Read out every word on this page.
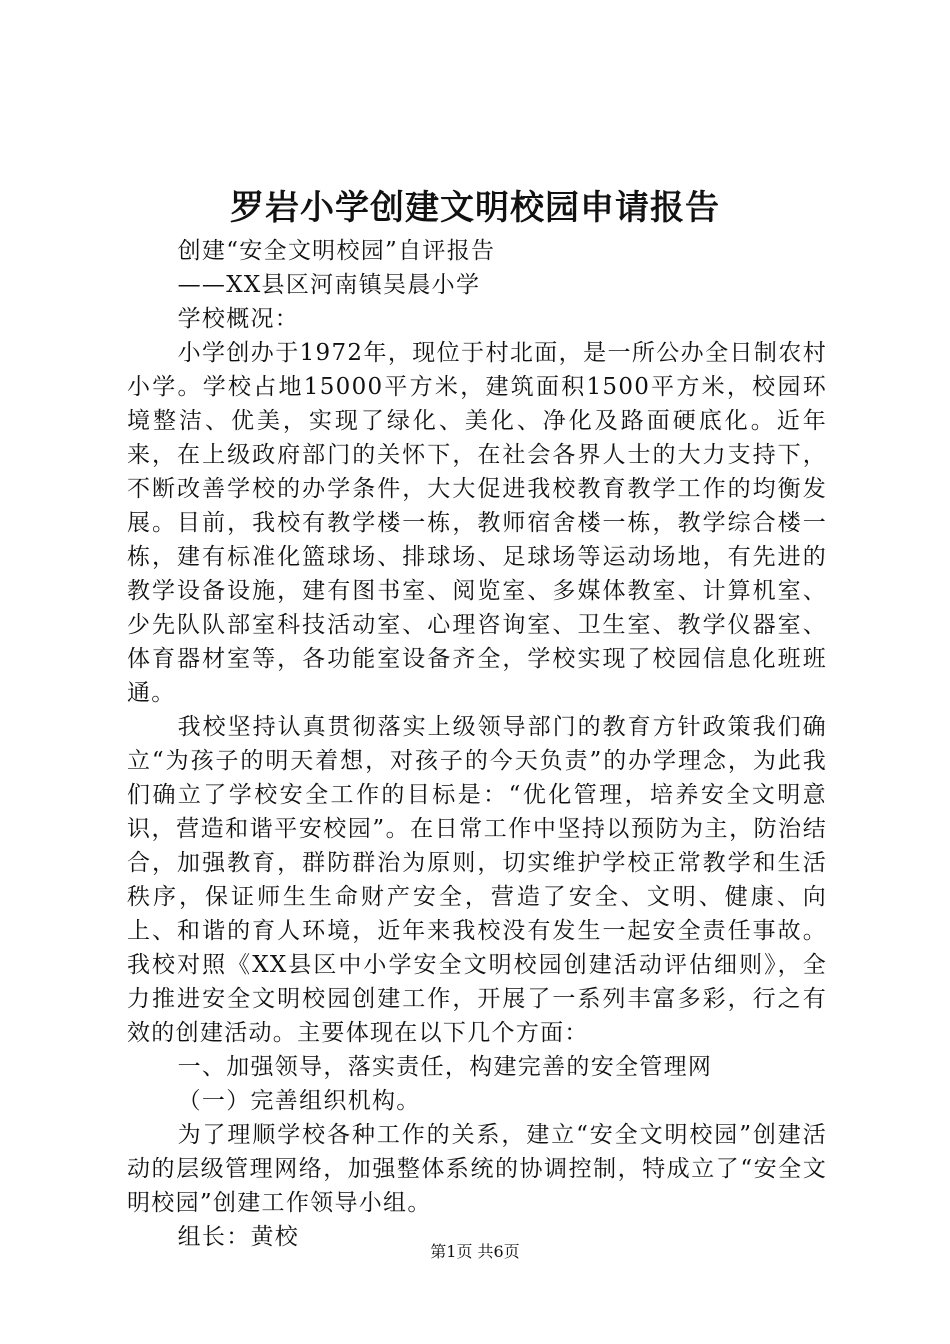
罗岩小学创建文明校园申请报告

创建“安全文明校园”自评报告

——XX县区河南镇吴晨小学

学校概况：

小学创办于1972年，现位于村北面，是一所公办全日制农村小学。学校占地15000平方米，建筑面积1500平方米，校园环境整洁、优美，实现了绿化、美化、净化及路面硬底化。近年来，在上级政府部门的关怀下，在社会各界人士的大力支持下，不断改善学校的办学条件，大大促进我校教育教学工作的均衡发展。目前，我校有教学楼一栋，教师宿舍楼一栋，教学综合楼一栋，建有标准化篮球场、排球场、足球场等运动场地，有先进的教学设备设施，建有图书室、阅览室、多媒体教室、计算机室、少先队队部室科技活动室、心理咨询室、卫生室、教学仪器室、体育器材室等，各功能室设备齐全，学校实现了校园信息化班班通。

我校坚持认真贯彻落实上级领导部门的教育方针政策我们确立“为孩子的明天着想，对孩子的今天负责”的办学理念，为此我们确立了学校安全工作的目标是：“优化管理，培养安全文明意识，营造和谐平安校园”。在日常工作中坚持以预防为主，防治结合，加强教育，群防群治为原则，切实维护学校正常教学和生活秩序，保证师生生命财产安全，营造了安全、文明、健康、向上、和谐的育人环境，近年来我校没有发生一起安全责任事故。我校对照《XX县区中小学安全文明校园创建活动评估细则》，全力推进安全文明校园创建工作，开展了一系列丰富多彩，行之有效的创建活动。主要体现在以下几个方面：

一、加强领导，落实责任，构建完善的安全管理网

（一）完善组织机构。

为了理顺学校各种工作的关系，建立“安全文明校园”创建活动的层级管理网络，加强整体系统的协调控制，特成立了“安全文明校园”创建工作领导小组。

组长：黄校

第1页 共6页
